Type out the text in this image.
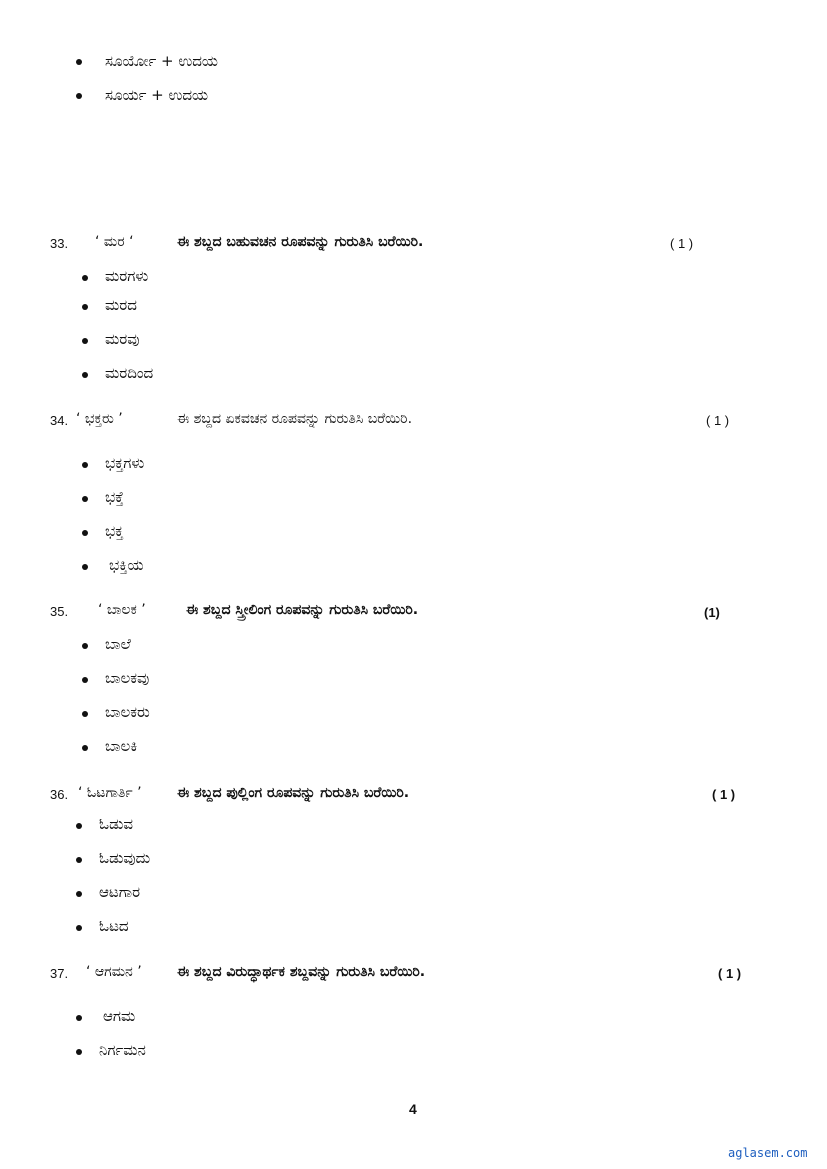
ಸೂರ್ಯೋ + ಉದಯ
ಸೂರ್ಯ + ಉದಯ
33. ‘ ಮರ ‘	ಈ ಶಬ್ದದ ಬಹುವಚನ ರೂಪವನ್ನು ಗುರುತಿಸಿ ಬರೆಯಿರಿ.	( 1 )
ಮರಗಳು
ಮರದ
ಮರವು
ಮರದಿಂದ
34. ‘ ಭಕ್ತರು ’	ಈ ಶಬ್ದದ ಏಕವಚನ ರೂಪವನ್ನು ಗುರುತಿಸಿ ಬರೆಯಿರಿ.	( 1 )
ಭಕ್ತಗಳು
ಭಕ್ತೆ
ಭಕ್ತ
ಭಕ್ತಿಯ
35. ‘ ಬಾಲಕ ’	ಈ ಶಬ್ದದ ಸ್ತ್ರೀಲಿಂಗ ರೂಪವನ್ನು ಗುರುತಿಸಿ ಬರೆಯಿರಿ.	(1)
ಬಾಲೆ
ಬಾಲಕವು
ಬಾಲಕರು
ಬಾಲಕಿ
36. ‘ ಓಟಗಾರ್ತಿ ’	ಈ ಶಬ್ದದ ಪುಲ್ಲಿಂಗ ರೂಪವನ್ನು ಗುರುತಿಸಿ ಬರೆಯಿರಿ.	( 1 )
ಓಡುವ
ಓಡುವುದು
ಆಟಗಾರ
ಓಟದ
37. ‘ ಆಗಮನ ’	ಈ ಶಬ್ದದ ವಿರುದ್ಧಾರ್ಥಕ ಶಬ್ದವನ್ನು ಗುರುತಿಸಿ ಬರೆಯಿರಿ.	( 1 )
ಆಗಮ
ನಿರ್ಗಮನ
4
aglasem.com
